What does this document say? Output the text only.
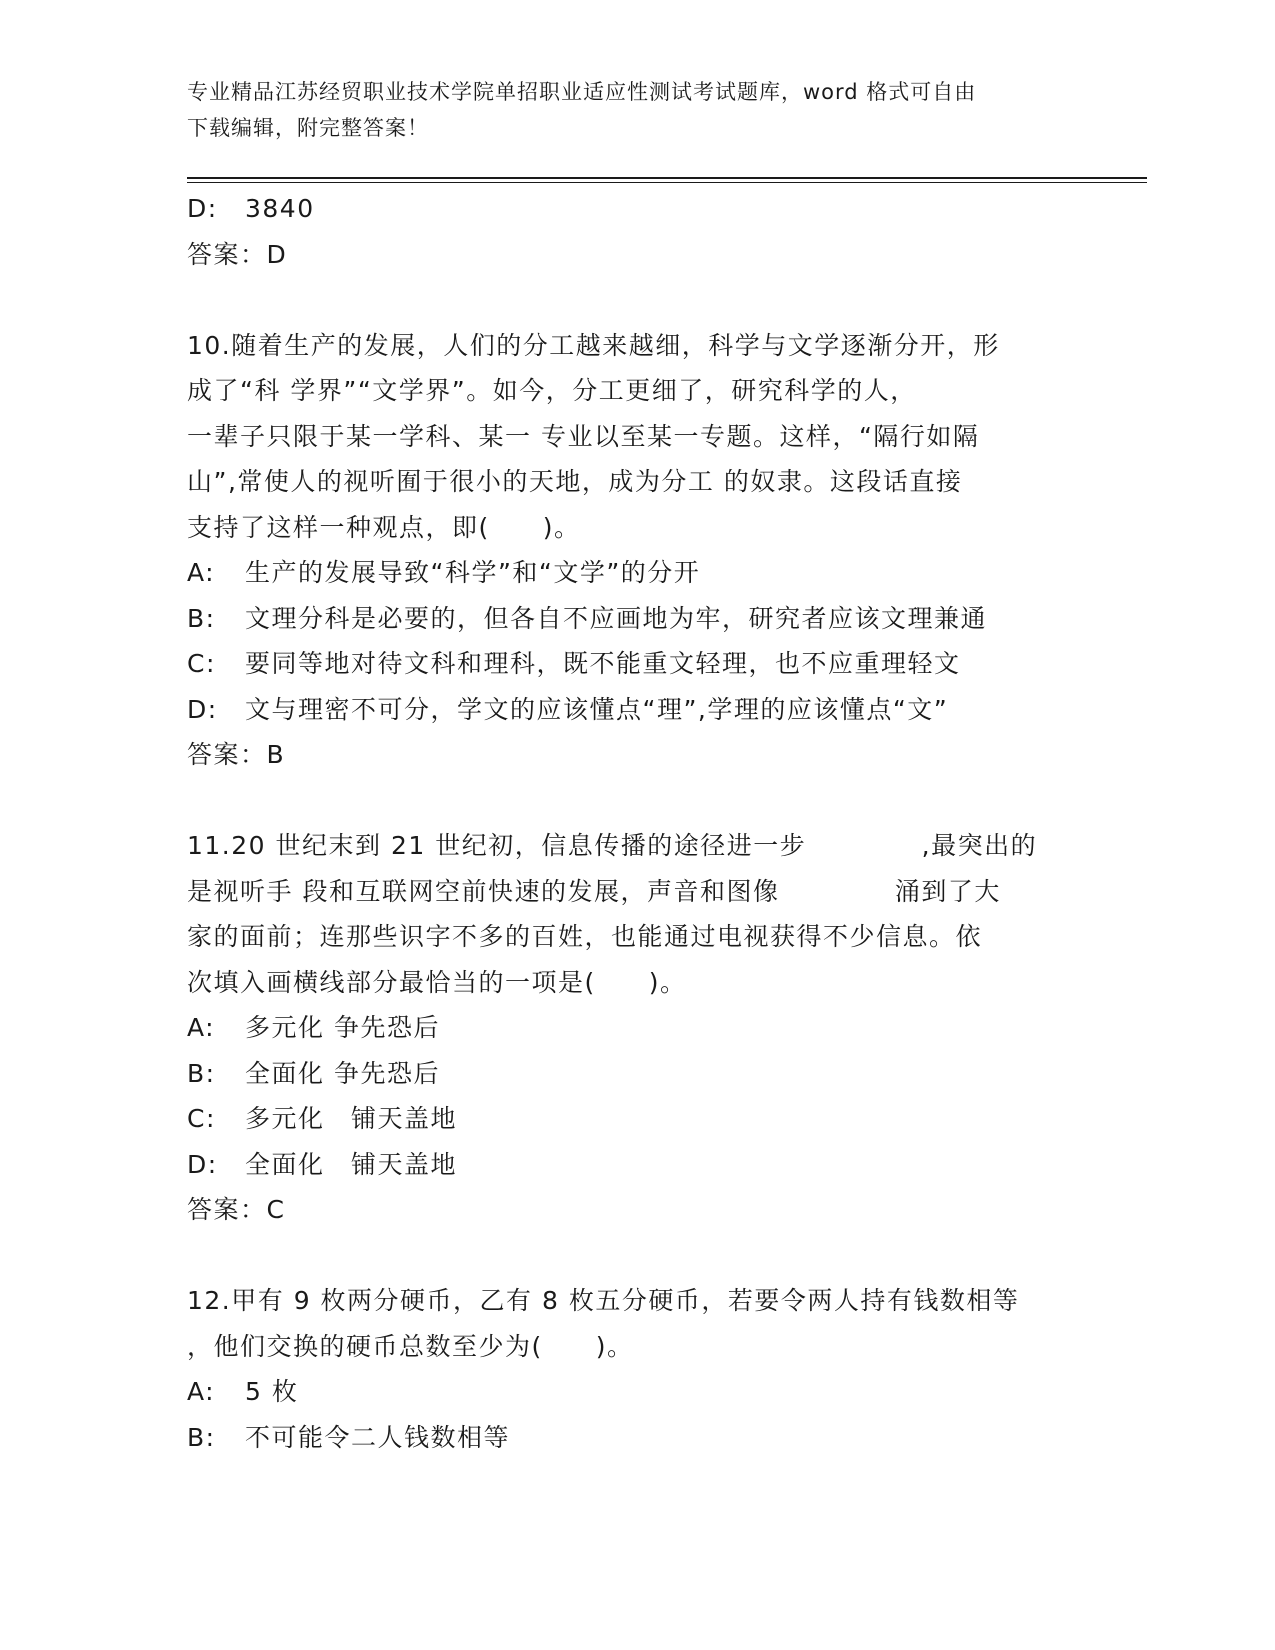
专业精品江苏经贸职业技术学院单招职业适应性测试考试题库，word 格式可自由
下载编辑，附完整答案！
D: 3840
答案：D
10.随着生产的发展，人们的分工越来越细，科学与文学逐渐分开，形
成了“科 学界”“文学界”。如今，分工更细了，研究科学的人，
一辈子只限于某一学科、某一 专业以至某一专题。这样，“隔行如隔
山”,常使人的视听囿于很小的天地，成为分工 的奴隶。这段话直接
支持了这样一种观点，即(　　)。
A: 生产的发展导致“科学”和“文学”的分开
B: 文理分科是必要的，但各自不应画地为牢，研究者应该文理兼通
C: 要同等地对待文科和理科，既不能重文轻理，也不应重理轻文
D: 文与理密不可分，学文的应该懂点“理”,学理的应该懂点“文”
答案：B
11.20 世纪末到 21 世纪初，信息传播的途径进一步　　　　 ,最突出的
是视听手 段和互联网空前快速的发展，声音和图像　　　　 涌到了大
家的面前；连那些识字不多的百姓，也能通过电视获得不少信息。依
次填入画横线部分最恰当的一项是(　　)。
A: 多元化 争先恐后
B: 全面化 争先恐后
C: 多元化　铺天盖地
D: 全面化　铺天盖地
答案：C
12.甲有 9 枚两分硬币，乙有 8 枚五分硬币，若要令两人持有钱数相等
，他们交换的硬币总数至少为(　　)。
A: 5 枚
B: 不可能令二人钱数相等
